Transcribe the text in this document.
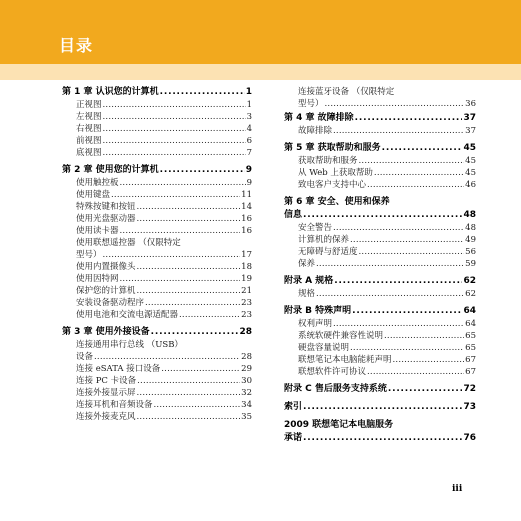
目录
第 1 章 认识您的计算机 .....	1
正视图 .....	1
左视图 .....	3
右视图 .....	4
前视图 .....	6
底视图 .....	7
第 2 章 使用您的计算机 .....	9
使用触控板 .....	9
使用键盘 .....	11
特殊按键和按钮 .....	14
使用光盘驱动器 .....	16
使用读卡器 .....	16
使用联想遥控器 （仅限特定
型号） .....	17
使用内置摄像头 .....	18
使用因特网 .....	19
保护您的计算机 .....	21
安装设备驱动程序 .....	23
使用电池和交流电源适配器 .....	23
第 3 章 使用外接设备 .....	28
连接通用串行总线 （USB）
设备 .....	28
连接 eSATA 接口设备 .....	29
连接 PC 卡设备 .....	30
连接外接显示屏 .....	32
连接耳机和音频设备 .....	34
连接外接麦克风 .....	35
连接蓝牙设备 （仅限特定
型号） .....	36
第 4 章 故障排除 .....	37
故障排除 .....	37
第 5 章 获取帮助和服务 .....	45
获取帮助和服务 .....	45
从 Web 上获取帮助 .....	45
致电客户支持中心 .....	46
第 6 章 安全、使用和保养
信息 .....	48
安全警告 .....	48
计算机的保养 .....	49
无障碍与舒适度 .....	56
保养 .....	59
附录 A 规格 .....	62
规格 .....	62
附录 B 特殊声明 .....	64
权利声明 .....	64
系统软硬件兼容性说明 .....	65
硬盘容量说明 .....	65
联想笔记本电脑能耗声明 .....	67
联想软件许可协议 .....	67
附录 C 售后服务支持系统 .....	72
索引 .....	73
2009 联想笔记本电脑服务
承诺 .....	76
iii
